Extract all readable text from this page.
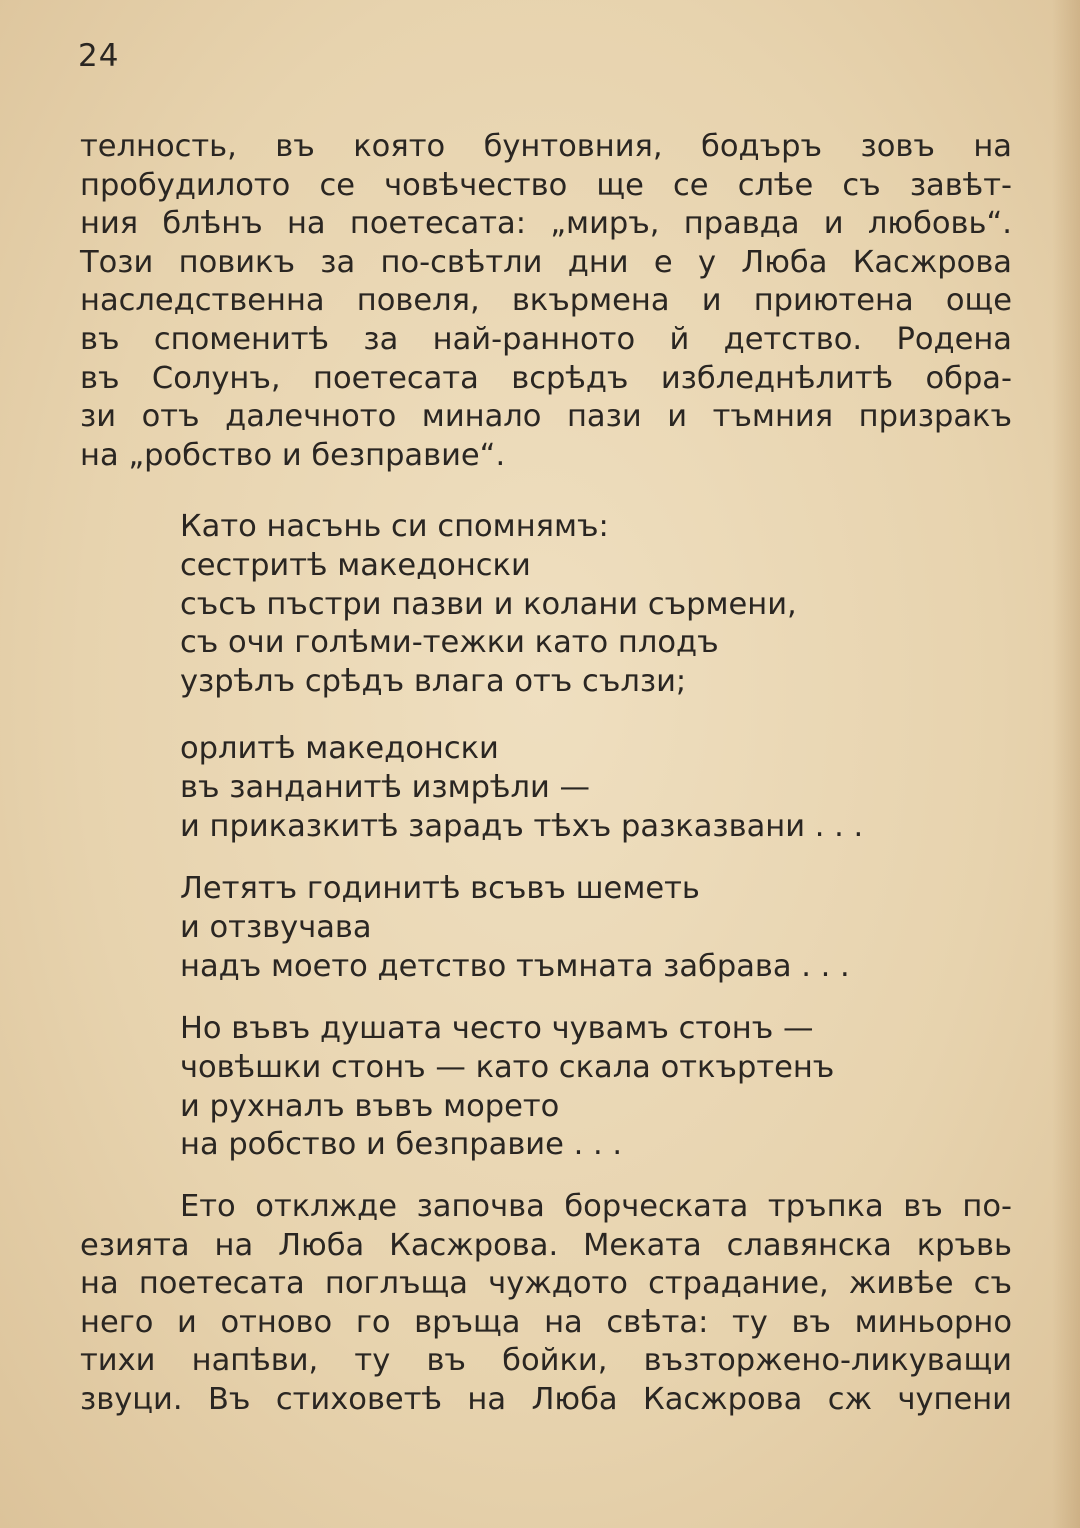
24
телность, въ която бунтовния, бодъръ зовъ на
пробудилото се човѣчество ще се слѣе съ завѣт-
ния блѣнъ на поетесата: „миръ, правда и любовь“.
Този повикъ за по-свѣтли дни е у Люба Касжрова
наследственна повеля, вкърмена и приютена още
въ споменитѣ за най-ранното й детство. Родена
въ Солунъ, поетесата всрѣдъ избледнѣлитѣ обра-
зи отъ далечното минало пази и тъмния призракъ
на „робство и безправие“.
Като насънь си спомнямъ:
сестритѣ македонски
съсъ пъстри пазви и колани сърмени,
съ очи голѣми-тежки като плодъ
узрѣлъ срѣдъ влага отъ сълзи;
орлитѣ македонски
въ занданитѣ измрѣли —
и приказкитѣ зарадъ тѣхъ разказвани . . .
Летятъ годинитѣ всъвъ шеметь
и отзвучава
надъ моето детство тъмната забрава . . .
Но въвъ душата често чувамъ стонъ —
човѣшки стонъ — като скала откъртенъ
и рухналъ въвъ морето
на робство и безправие . . .
Ето отклжде започва борческата тръпка въ по-
езията на Люба Касжрова. Меката славянска кръвь
на поетесата поглъща чуждото страдание, живѣе съ
него и отново го връща на свѣта: ту въ миньорно
тихи напѣви, ту въ бойки, възторжено-ликуващи
звуци. Въ стиховетѣ на Люба Касжрова сж чупени
